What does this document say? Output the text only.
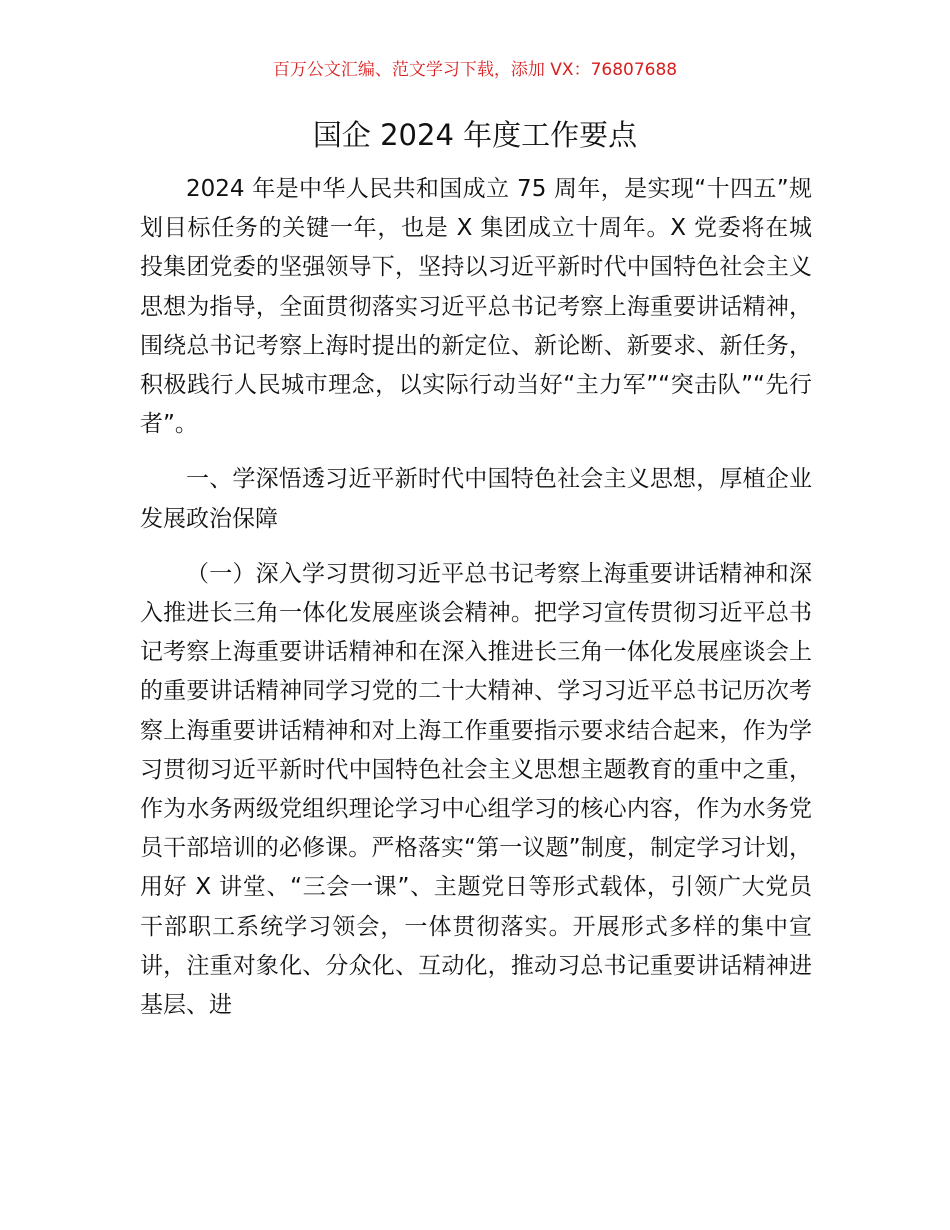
百万公文汇编、范文学习下载，添加 VX：76807688
国企 2024 年度工作要点

2024 年是中华人民共和国成立 75 周年，是实现“十四五”规划目标任务的关键一年，也是 X 集团成立十周年。X 党委将在城投集团党委的坚强领导下，坚持以习近平新时代中国特色社会主义思想为指导，全面贯彻落实习近平总书记考察上海重要讲话精神，围绕总书记考察上海时提出的新定位、新论断、新要求、新任务，积极践行人民城市理念，以实际行动当好“主力军”“突击队”“先行者”。

一、学深悟透习近平新时代中国特色社会主义思想，厚植企业发展政治保障

（一）深入学习贯彻习近平总书记考察上海重要讲话精神和深入推进长三角一体化发展座谈会精神。把学习宣传贯彻习近平总书记考察上海重要讲话精神和在深入推进长三角一体化发展座谈会上的重要讲话精神同学习党的二十大精神、学习习近平总书记历次考察上海重要讲话精神和对上海工作重要指示要求结合起来，作为学习贯彻习近平新时代中国特色社会主义思想主题教育的重中之重，作为水务两级党组织理论学习中心组学习的核心内容，作为水务党员干部培训的必修课。严格落实“第一议题”制度，制定学习计划，用好 X 讲堂、“三会一课”、主题党日等形式载体，引领广大党员干部职工系统学习领会，一体贯彻落实。开展形式多样的集中宣讲，注重对象化、分众化、互动化，推动习总书记重要讲话精神进基层、进
